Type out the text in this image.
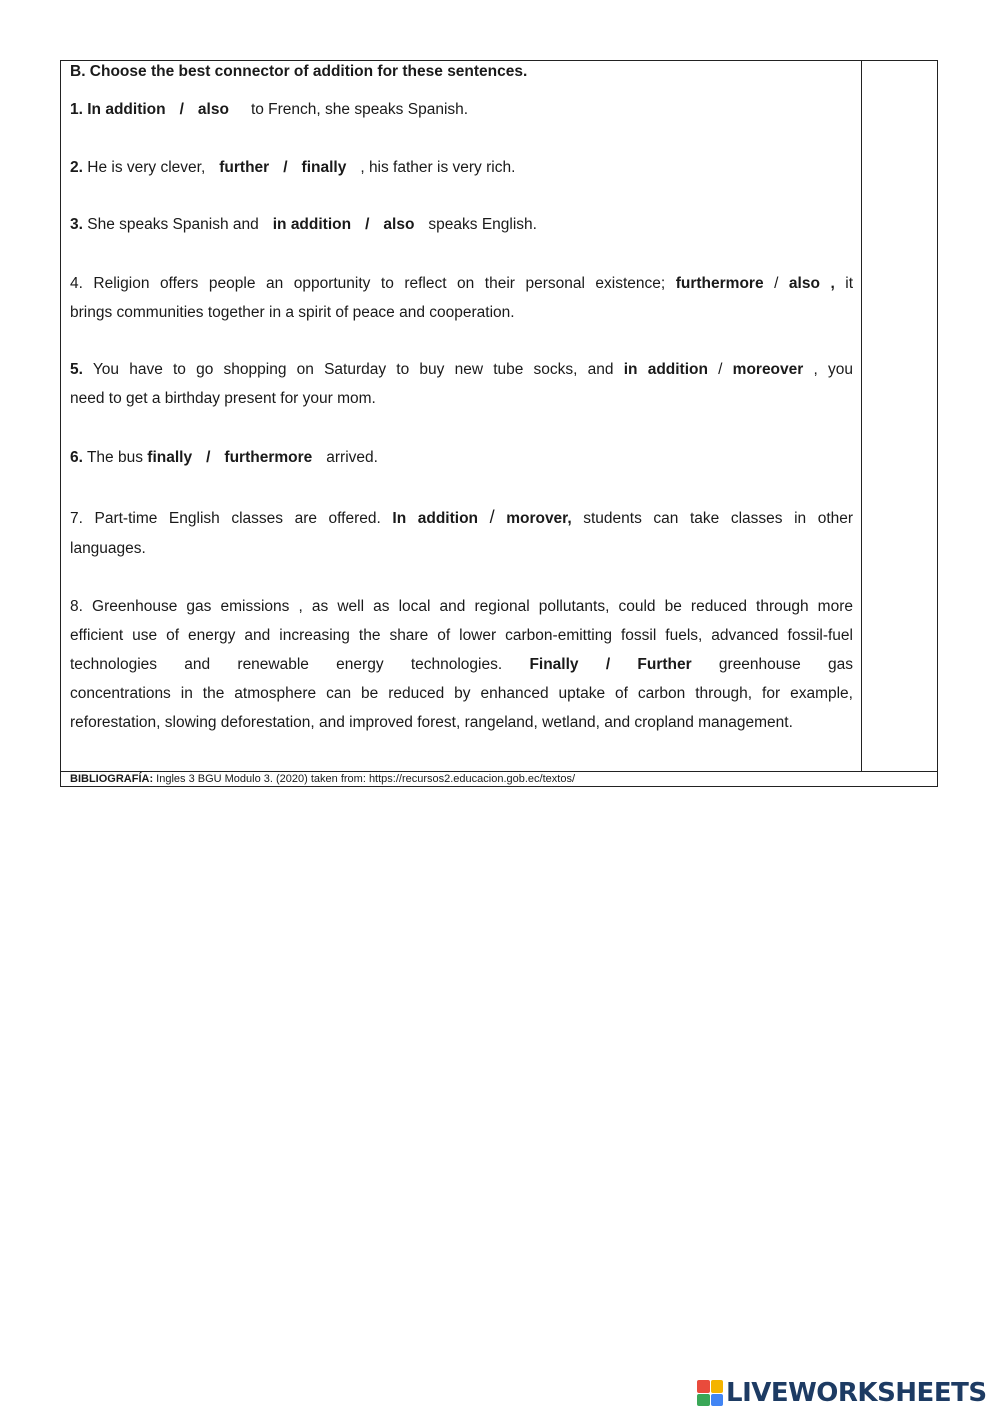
B. Choose the best connector of addition for these sentences.
1. In addition / also to French, she speaks Spanish.
2. He is very clever, further / finally , his father is very rich.
3. She speaks Spanish and in addition / also speaks English.
4. Religion offers people an opportunity to reflect on their personal existence; furthermore / also , it
brings communities together in a spirit of peace and cooperation.
5. You have to go shopping on Saturday to buy new tube socks, and in addition / moreover , you
need to get a birthday present for your mom.
6. The bus finally / furthermore arrived.
7. Part-time English classes are offered. In addition / morover, students can take classes in other
languages.
8. Greenhouse gas emissions , as well as local and regional pollutants, could be reduced through more
efficient use of energy and increasing the share of lower carbon-emitting fossil fuels, advanced fossil-fuel
technologies and renewable energy technologies. Finally / Further greenhouse gas
concentrations in the atmosphere can be reduced by enhanced uptake of carbon through, for example,
reforestation, slowing deforestation, and improved forest, rangeland, wetland, and cropland management.
BIBLIOGRAFÍA: Ingles 3 BGU Modulo 3. (2020) taken from: https://recursos2.educacion.gob.ec/textos/
LIVEWORKSHEETS
